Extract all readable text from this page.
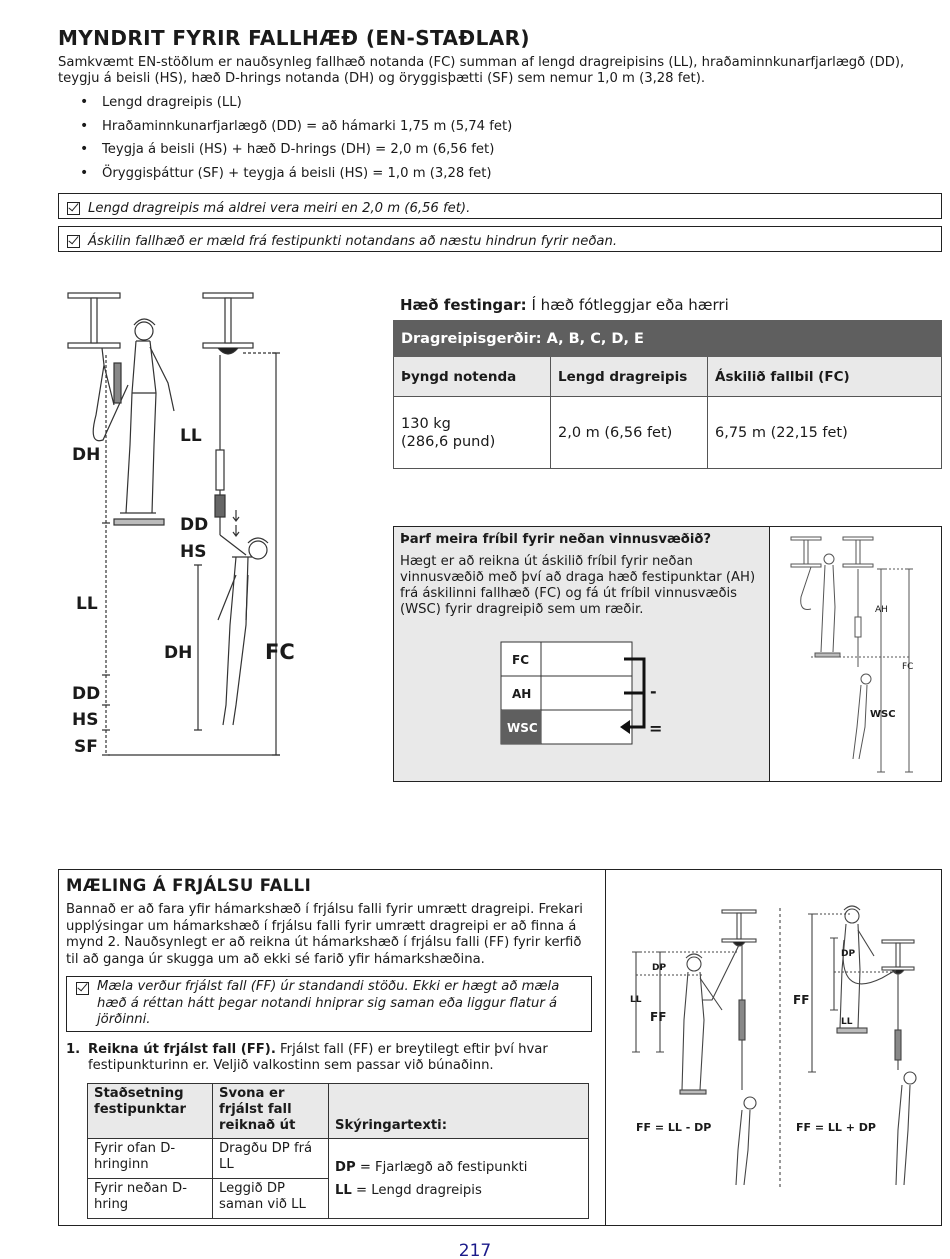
MYNDRIT FYRIR FALLHÆÐ (EN-STAÐLAR)

Samkvæmt EN-stöðlum er nauðsynleg fallhæð notanda (FC) summan af lengd dragreipisins (LL), hraðaminnkunarfjarlægð (DD), teygju á beisli (HS), hæð D-hrings notanda (DH) og öryggisþætti (SF) sem nemur 1,0 m (3,28 fet).

• Lengd dragreipis (LL)
• Hraðaminnkunarfjarlægð (DD) = að hámarki 1,75 m (5,74 fet)
• Teygja á beisli (HS) + hæð D-hrings (DH) = 2,0 m (6,56 fet)
• Öryggisþáttur (SF) + teygja á beisli (HS) = 1,0 m (3,28 fet)
Lengd dragreipis má aldrei vera meiri en 2,0 m (6,56 fet).
Áskilin fallhæð er mæld frá festipunkti notandans að næstu hindrun fyrir neðan.
DH
LL
DD
HS
LL
DH	FC
DD
HS
SF
Hæð festingar: Í hæð fótleggjar eða hærri
Dragreipisgerðir: A, B, C, D, E		
Þyngd notenda	Lengd dragreipis	Áskilið fallbil (FC)
130 kg
(286,6 pund)	2,0 m (6,56 fet)	6,75 m (22,15 fet)
Þarf meira fríbil fyrir neðan vinnusvæðið?
Hægt er að reikna út áskilið fríbil fyrir neðan vinnusvæðið með því að draga hæð festipunktar (AH) frá áskilinni fallhæð (FC) og fá út fríbil vinnusvæðis (WSC) fyrir dragreipið sem um ræðir.
FC
AH
WSC
-
=
AH
FC
WSC
MÆLING Á FRJÁLSU FALLI

Bannað er að fara yfir hámarkshæð í frjálsu falli fyrir umrætt dragreipi. Frekari upplýsingar um hámarkshæð í frjálsu falli fyrir umrætt dragreipi er að finna á mynd 2. Nauðsynlegt er að reikna út hámarkshæð í frjálsu falli (FF) fyrir kerfið til að ganga úr skugga um að ekki sé farið yfir hámarkshæðina.

Mæla verður frjálst fall (FF) úr standandi stöðu. Ekki er hægt að mæla hæð á réttan hátt þegar notandi hniprar sig saman eða liggur flatur á jörðinni.
1. Reikna út frjálst fall (FF). Frjálst fall (FF) er breytilegt eftir því hvar festipunkturinn er. Veljið valkostinn sem passar við búnaðinn.
Staðsetning festipunktar	Svona er frjálst fall reiknað út	Skýringartexti:
Fyrir ofan D-hringinn	Dragðu DP frá LL	DP = Fjarlægð að festipunkti
LL = Lengd dragreipis
Fyrir neðan D-hring	Leggið DP saman við LL	
DP
LL
FF
DP
FF
LL
FF = LL - DP	FF = LL + DP
217
